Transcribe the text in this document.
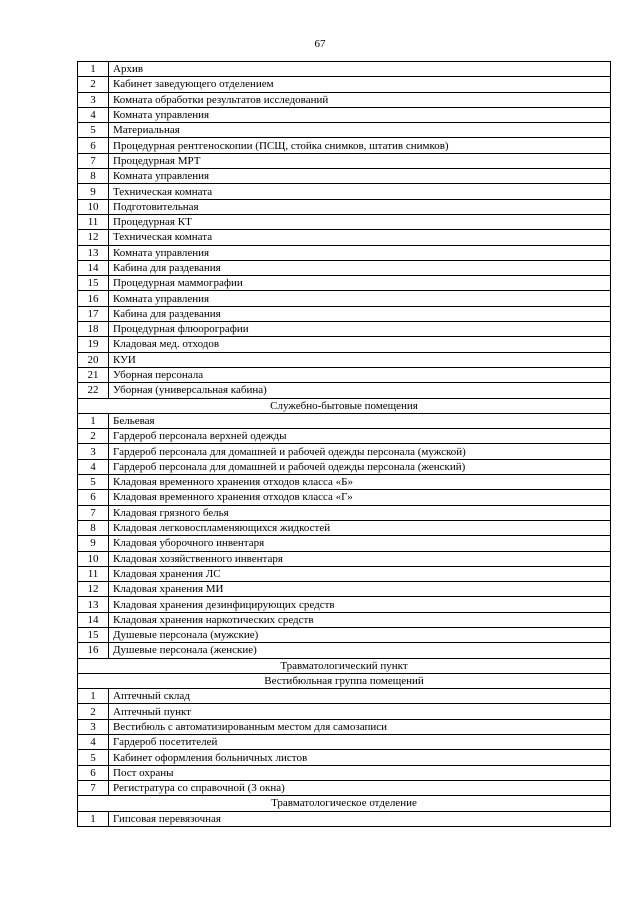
67
1	Архив
2	Кабинет заведующего отделением
3	Комната обработки результатов исследований
4	Комната управления
5	Материальная
6	Процедурная рентгеноскопии (ПСЩ, стойка снимков, штатив снимков)
7	Процедурная МРТ
8	Комната управления
9	Техническая комната
10	Подготовительная
11	Процедурная КТ
12	Техническая комната
13	Комната управления
14	Кабина для раздевания
15	Процедурная маммографии
16	Комната управления
17	Кабина для раздевания
18	Процедурная флюорографии
19	Кладовая мед. отходов
20	КУИ
21	Уборная персонала
22	Уборная (универсальная кабина)
Служебно-бытовые помещения	
1	Бельевая
2	Гардероб персонала верхней одежды
3	Гардероб персонала для домашней и рабочей одежды персонала (мужской)
4	Гардероб персонала для домашней и рабочей одежды персонала (женский)
5	Кладовая временного хранения отходов класса «Б»
6	Кладовая временного хранения отходов класса «Г»
7	Кладовая грязного белья
8	Кладовая легковоспламеняющихся жидкостей
9	Кладовая уборочного инвентаря
10	Кладовая хозяйственного инвентаря
11	Кладовая хранения ЛС
12	Кладовая хранения МИ
13	Кладовая хранения дезинфицирующих средств
14	Кладовая хранения наркотических средств
15	Душевые персонала (мужские)
16	Душевые персонала (женские)
Травматологический пункт	
Вестибюльная группа помещений	
1	Аптечный склад
2	Аптечный пункт
3	Вестибюль с автоматизированным местом для самозаписи
4	Гардероб посетителей
5	Кабинет оформления больничных листов
6	Пост охраны
7	Регистратура со справочной (3 окна)
Травматологическое отделение	
1	Гипсовая перевязочная
